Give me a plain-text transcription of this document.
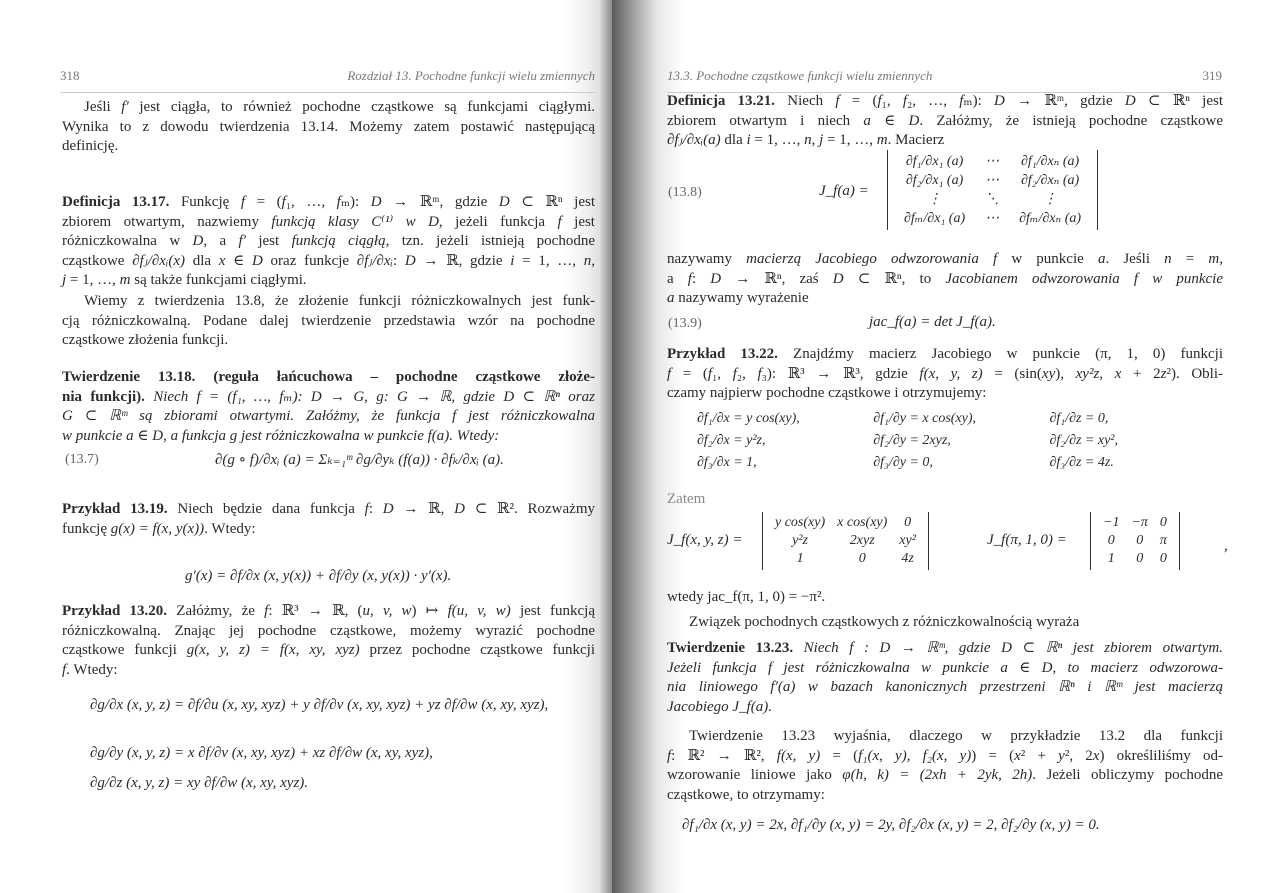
318	Rozdział 13. Pochodne funkcji wielu zmiennych
Jeśli f′ jest ciągła, to również pochodne cząstkowe są funkcjami ciągłymi.
Wynika to z dowodu twierdzenia 13.14. Możemy zatem postawić następującą
definicję.
Definicja 13.17. Funkcję f = (f₁, …, fₘ): D → ℝᵐ, gdzie D ⊂ ℝⁿ jest
zbiorem otwartym, nazwiemy funkcją klasy C⁽¹⁾ w D, jeżeli funkcja f jest
różniczkowalna w D, a f′ jest funkcją ciągłą, tzn. jeżeli istnieją pochodne
cząstkowe ∂fⱼ/∂xᵢ(x) dla x ∈ D oraz funkcje ∂fⱼ/∂xᵢ: D → ℝ, gdzie i = 1, …, n,
j = 1, …, m są także funkcjami ciągłymi.
Wiemy z twierdzenia 13.8, że złożenie funkcji różniczkowalnych jest funk-
cją różniczkowalną. Podane dalej twierdzenie przedstawia wzór na pochodne
cząstkowe złożenia funkcji.
Twierdzenie 13.18. (reguła łańcuchowa – pochodne cząstkowe złoże-
nia funkcji). Niech f = (f₁, …, fₘ): D → G, g: G → ℝ, gdzie D ⊂ ℝⁿ oraz
G ⊂ ℝᵐ są zbiorami otwartymi. Załóżmy, że funkcja f jest różniczkowalna
w punkcie a ∈ D, a funkcja g jest różniczkowalna w punkcie f(a). Wtedy:
(13.7)	∂(g ∘ f)/∂xᵢ (a) = Σₖ₌₁ᵐ ∂g/∂yₖ (f(a)) · ∂fₖ/∂xᵢ (a).
Przykład 13.19. Niech będzie dana funkcja f: D → ℝ, D ⊂ ℝ². Rozważmy
funkcję g(x) = f(x, y(x)). Wtedy:
g′(x) = ∂f/∂x (x, y(x)) + ∂f/∂y (x, y(x)) · y′(x).
Przykład 13.20. Załóżmy, że f: ℝ³ → ℝ, (u, v, w) ↦ f(u, v, w) jest funkcją
różniczkowalną. Znając jej pochodne cząstkowe, możemy wyrazić pochodne
cząstkowe funkcji g(x, y, z) = f(x, xy, xyz) przez pochodne cząstkowe funkcji
f. Wtedy:
∂g/∂x (x, y, z) = ∂f/∂u (x, xy, xyz) + y ∂f/∂v (x, xy, xyz) + yz ∂f/∂w (x, xy, xyz),
∂g/∂y (x, y, z) = x ∂f/∂v (x, xy, xyz) + xz ∂f/∂w (x, xy, xyz),
∂g/∂z (x, y, z) = xy ∂f/∂w (x, xy, xyz).
13.3. Pochodne cząstkowe funkcji wielu zmiennych	319
Definicja 13.21. Niech f = (f₁, f₂, …, fₘ): D → ℝᵐ, gdzie D ⊂ ℝⁿ jest
zbiorem otwartym i niech a ∈ D. Załóżmy, że istnieją pochodne cząstkowe
∂fⱼ/∂xᵢ(a) dla i = 1, …, n, j = 1, …, m. Macierz
(13.8)	J_f(a) =
∂f₁/∂x₁ (a)	⋯	∂f₁/∂xₙ (a)
∂f₂/∂x₁ (a)	⋯	∂f₂/∂xₙ (a)
⋮	⋱	⋮
∂fₘ/∂x₁ (a)	⋯	∂fₘ/∂xₙ (a)
nazywamy macierzą Jacobiego odwzorowania f w punkcie a. Jeśli n = m,
a f: D → ℝⁿ, zaś D ⊂ ℝⁿ, to Jacobianem odwzorowania f w punkcie
a nazywamy wyrażenie
(13.9)	jac_f(a) = det J_f(a).
Przykład 13.22. Znajdźmy macierz Jacobiego w punkcie (π, 1, 0) funkcji
f = (f₁, f₂, f₃): ℝ³ → ℝ³, gdzie f(x, y, z) = (sin(xy), xy²z, x + 2z²). Obli-
czamy najpierw pochodne cząstkowe i otrzymujemy:
∂f₁/∂x = y cos(xy),	∂f₁/∂y = x cos(xy),	∂f₁/∂z = 0,
∂f₂/∂x = y²z,	∂f₂/∂y = 2xyz,	∂f₂/∂z = xy²,
∂f₃/∂x = 1,	∂f₃/∂y = 0,	∂f₃/∂z = 4z.
Zatem
J_f(x, y, z) =
y cos(xy)	x cos(xy)	0
y²z	2xyz	xy²
1	0	4z
J_f(π, 1, 0) =
−1	−π	0
0	0	π
1	0	0
,
wtedy jac_f(π, 1, 0) = −π².
Związek pochodnych cząstkowych z różniczkowalnością wyraża
Twierdzenie 13.23. Niech f : D → ℝᵐ, gdzie D ⊂ ℝⁿ jest zbiorem otwartym.
Jeżeli funkcja f jest różniczkowalna w punkcie a ∈ D, to macierz odwzorowa-
nia liniowego f′(a) w bazach kanonicznych przestrzeni ℝⁿ i ℝᵐ jest macierzą
Jacobiego J_f(a).
Twierdzenie 13.23 wyjaśnia, dlaczego w przykładzie 13.2 dla funkcji
f: ℝ² → ℝ², f(x, y) = (f₁(x, y), f₂(x, y)) = (x² + y², 2x) określiliśmy od-
wzorowanie liniowe jako φ(h, k) = (2xh + 2yk, 2h). Jeżeli obliczymy pochodne
cząstkowe, to otrzymamy:
∂f₁/∂x (x, y) = 2x, ∂f₁/∂y (x, y) = 2y, ∂f₂/∂x (x, y) = 2, ∂f₂/∂y (x, y) = 0.
